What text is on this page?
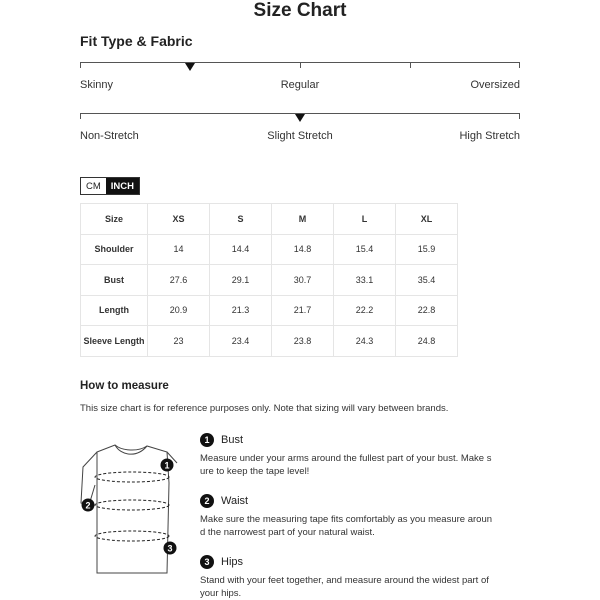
Size Chart
Fit Type & Fabric
Skinny	Regular	Oversized
Non-Stretch	Slight Stretch	High Stretch
CM	INCH
Size	XS	S	M	L	XL
Shoulder	14	14.4	14.8	15.4	15.9
Bust	27.6	29.1	30.7	33.1	35.4
Length	20.9	21.3	21.7	22.2	22.8
Sleeve Length	23	23.4	23.8	24.3	24.8
How to measure
This size chart is for reference purposes only. Note that sizing will vary between brands.
1
2
3
1	Bust
Measure under your arms around the fullest part of your bust. Make s
ure to keep the tape level!
2	Waist
Make sure the measuring tape fits comfortably as you measure aroun
d the narrowest part of your natural waist.
3	Hips
Stand with your feet together, and measure around the widest part of
your hips.
